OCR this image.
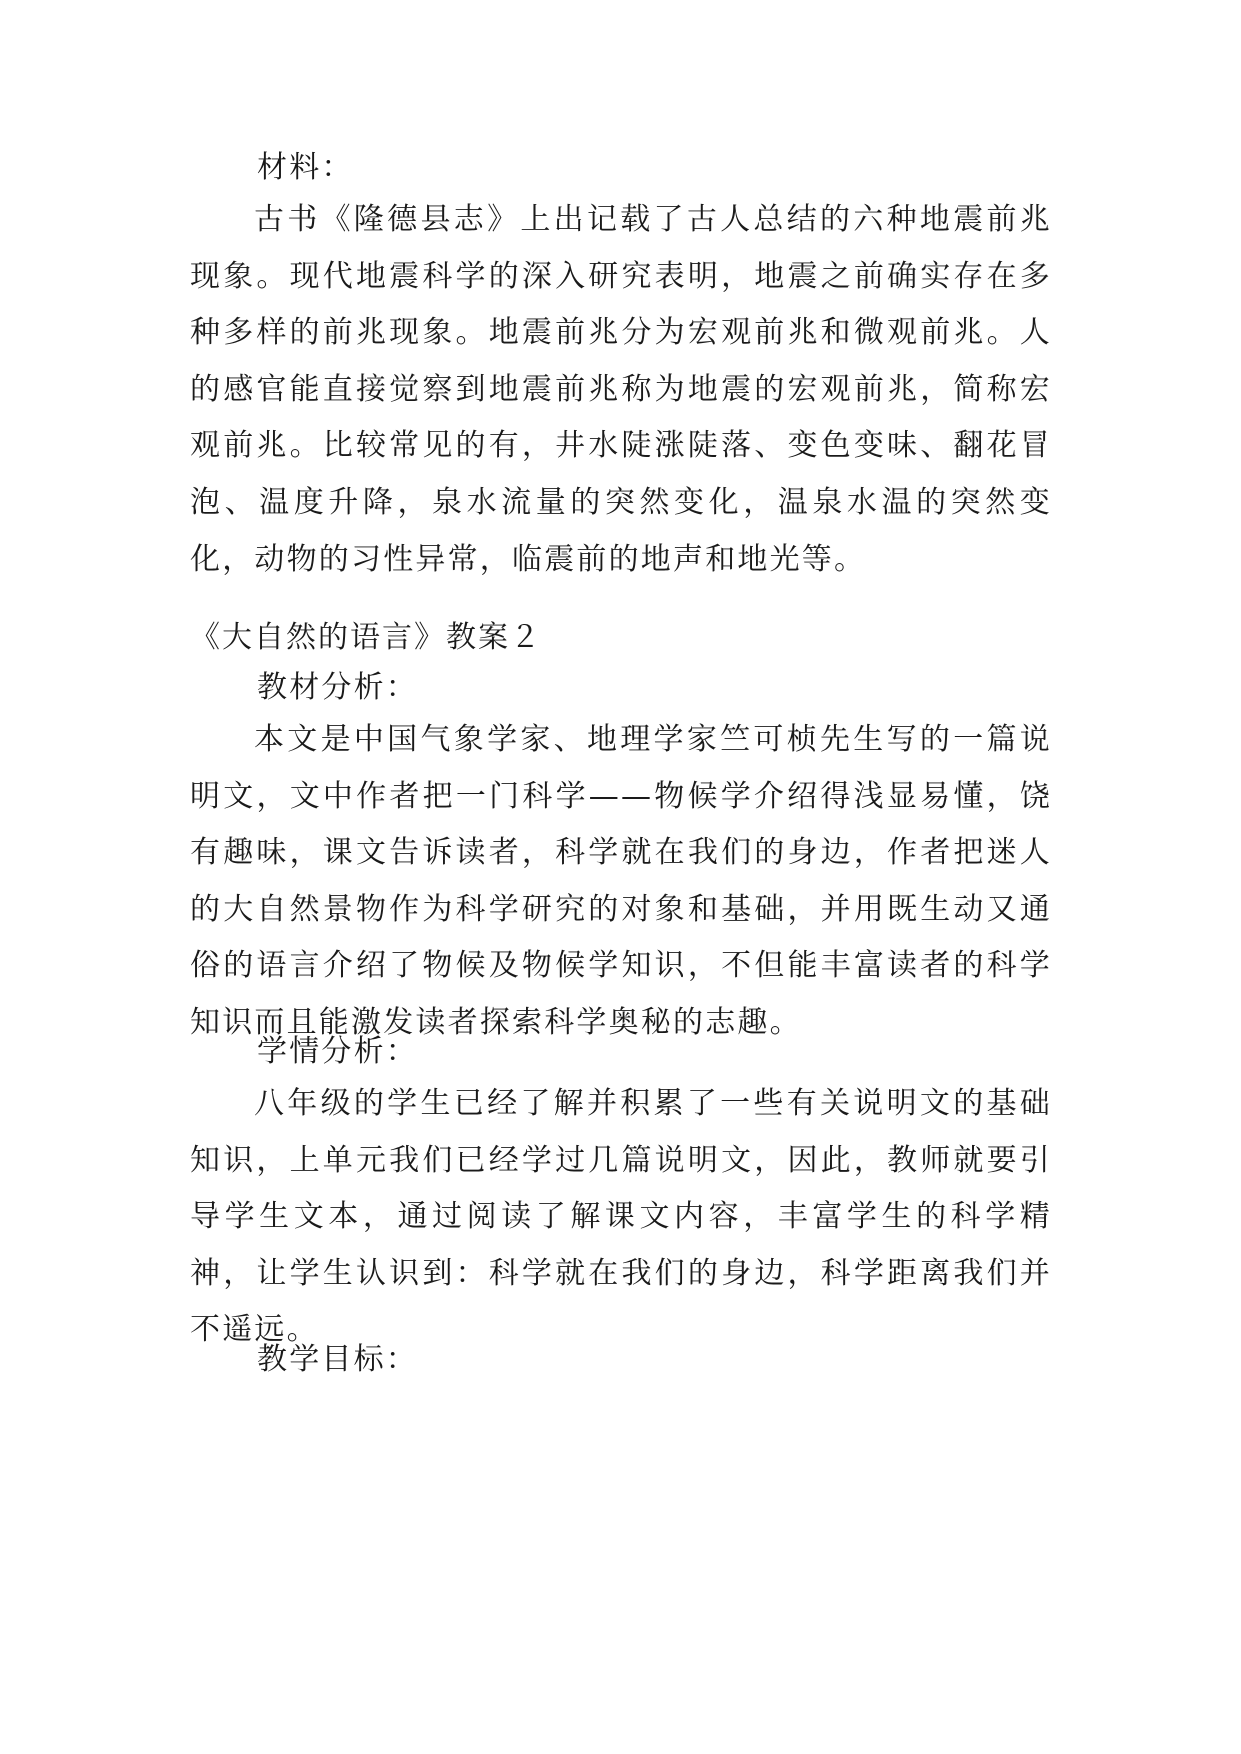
材料：
古书《隆德县志》上出记载了古人总结的六种地震前兆现象。现代地震科学的深入研究表明，地震之前确实存在多种多样的前兆现象。地震前兆分为宏观前兆和微观前兆。人的感官能直接觉察到地震前兆称为地震的宏观前兆，简称宏观前兆。比较常见的有，井水陡涨陡落、变色变味、翻花冒泡、温度升降，泉水流量的突然变化，温泉水温的突然变化，动物的习性异常，临震前的地声和地光等。
《大自然的语言》教案２
教材分析：
本文是中国气象学家、地理学家竺可桢先生写的一篇说明文，文中作者把一门科学——物候学介绍得浅显易懂，饶有趣味，课文告诉读者，科学就在我们的身边，作者把迷人的大自然景物作为科学研究的对象和基础，并用既生动又通俗的语言介绍了物候及物候学知识，不但能丰富读者的科学知识而且能激发读者探索科学奥秘的志趣。
学情分析：
八年级的学生已经了解并积累了一些有关说明文的基础知识，上单元我们已经学过几篇说明文，因此，教师就要引导学生文本，通过阅读了解课文内容，丰富学生的科学精神，让学生认识到：科学就在我们的身边，科学距离我们并不遥远。
教学目标：
